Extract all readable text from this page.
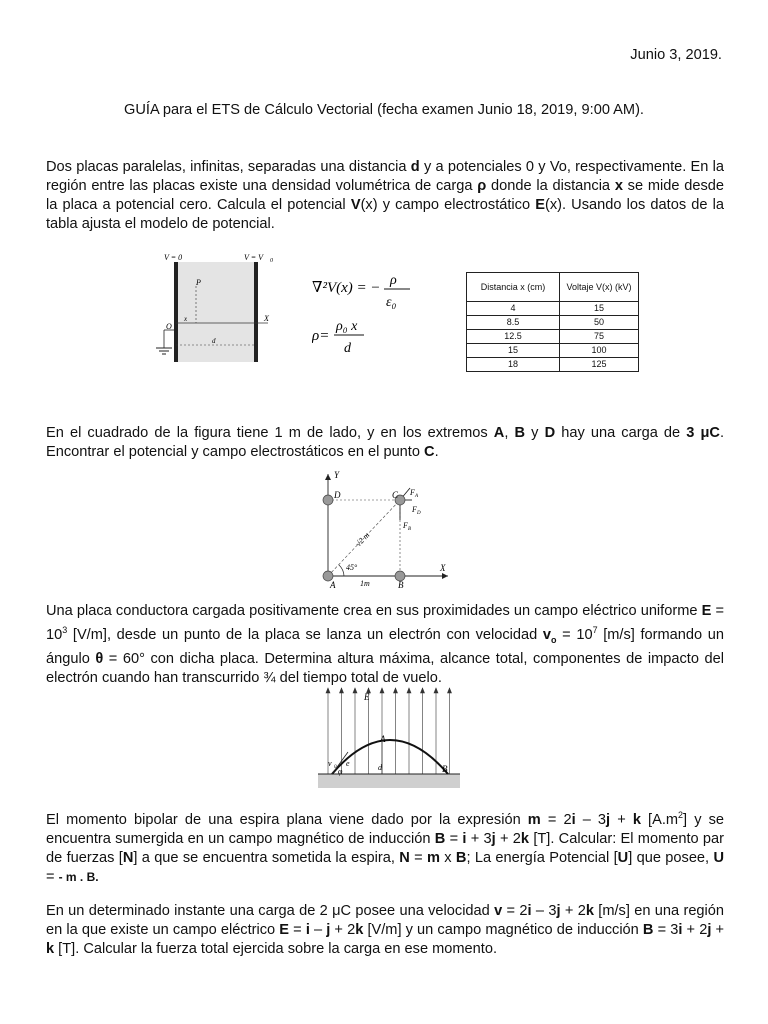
Junio 3, 2019.
GUÍA para el ETS de Cálculo Vectorial (fecha examen Junio 18, 2019, 9:00 AM).
Dos placas paralelas, infinitas, separadas una distancia d y a potenciales 0 y Vo, respectivamente. En la región entre las placas existe una densidad volumétrica de carga ρ donde la distancia x se mide desde la placa a potencial cero. Calcula el potencial V(x) y campo electrostático E(x). Usando los datos de la tabla ajusta el modelo de potencial.
V = 0	V = V 0
P
x	X
O
d
∇²V(x) = − ρ
ε₀
ρ=
ρ₀ x
d
Distancia x (cm)	Voltaje V(x) (kV)
4	15
8.5	50
12.5	75
15	100
18	125
En el cuadrado de la figura tiene 1 m de lado, y en los extremos A, B y D hay una carga de 3 μC. Encontrar el potencial y campo electrostáticos en el punto C.
Y
X
A	B
C
D
√2 m
45°
1m
F A
F D
F B
Una placa conductora cargada positivamente crea en sus proximidades un campo eléctrico uniforme $E = 10^3$ [V/m], desde un punto de la placa se lanza un electrón con velocidad $v_o = 10^7$ [m/s] formando un ángulo θ = 60° con dicha placa. Determina altura máxima, alcance total, componentes de impacto del electrón cuando han transcurrido ¾ del tiempo total de vuelo.
E
A
B
d
v 0 e
φ
El momento bipolar de una espira plana viene dado por la expresión m = 2i – 3j + k $[A.m^2]$ y se encuentra sumergida en un campo magnético de inducción B = i + 3j + 2k [T]. Calcular: El momento par de fuerzas [N] a que se encuentra sometida la espira, N = m x B; La energía Potencial [U] que posee, U = - m . B.
En un determinado instante una carga de 2 μC posee una velocidad v = 2i – 3j + 2k [m/s] en una región en la que existe un campo eléctrico E = i – j + 2k [V/m] y un campo magnético de inducción B = 3i + 2j + k [T]. Calcular la fuerza total ejercida sobre la carga en ese momento.
